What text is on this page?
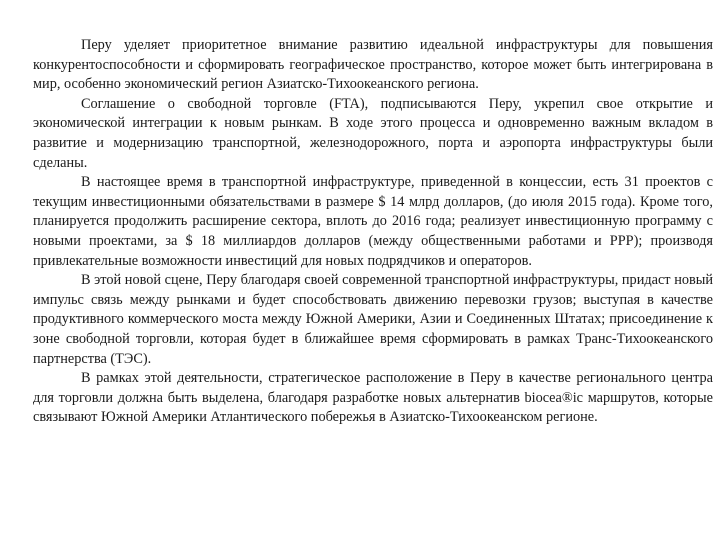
Перу уделяет приоритетное внимание развитию идеальной инфраструктуры для повышения конкурентоспособности и сформировать географическое пространство, которое может быть интегрирована в мир, особенно экономический регион Азиатско-Тихоокеанского региона.

Соглашение о свободной торговле (FTA), подписываются Перу, укрепил свое открытие и экономической интеграции к новым рынкам. В ходе этого процесса и одновременно важным вкладом в развитие и модернизацию транспортной, железнодорожного, порта и аэропорта инфраструктуры были сделаны.

В настоящее время в транспортной инфраструктуре, приведенной в концессии, есть 31 проектов с текущим инвестиционными обязательствами в размере $ 14 млрд долларов, (до июля 2015 года). Кроме того, планируется продолжить расширение сектора, вплоть до 2016 года; реализует инвестиционную программу с новыми проектами, за $ 18 миллиардов долларов (между общественными работами и PPP); производя привлекательные возможности инвестиций для новых подрядчиков и операторов.

В этой новой сцене, Перу благодаря своей современной транспортной инфраструктуры, придаст новый импульс связь между рынками и будет способствовать движению перевозки грузов; выступая в качестве продуктивного коммерческого моста между Южной Америки, Азии и Соединенных Штатах; присоединение к зоне свободной торговли, которая будет в ближайшее время сформировать в рамках Транс-Тихоокеанского партнерства (ТЭС).

В рамках этой деятельности, стратегическое расположение в Перу в качестве регионального центра для торговли должна быть выделена, благодаря разработке новых альтернатив biocea®ic маршрутов, которые связывают Южной Америки Атлантического побережья в Азиатско-Тихоокеанском регионе.
